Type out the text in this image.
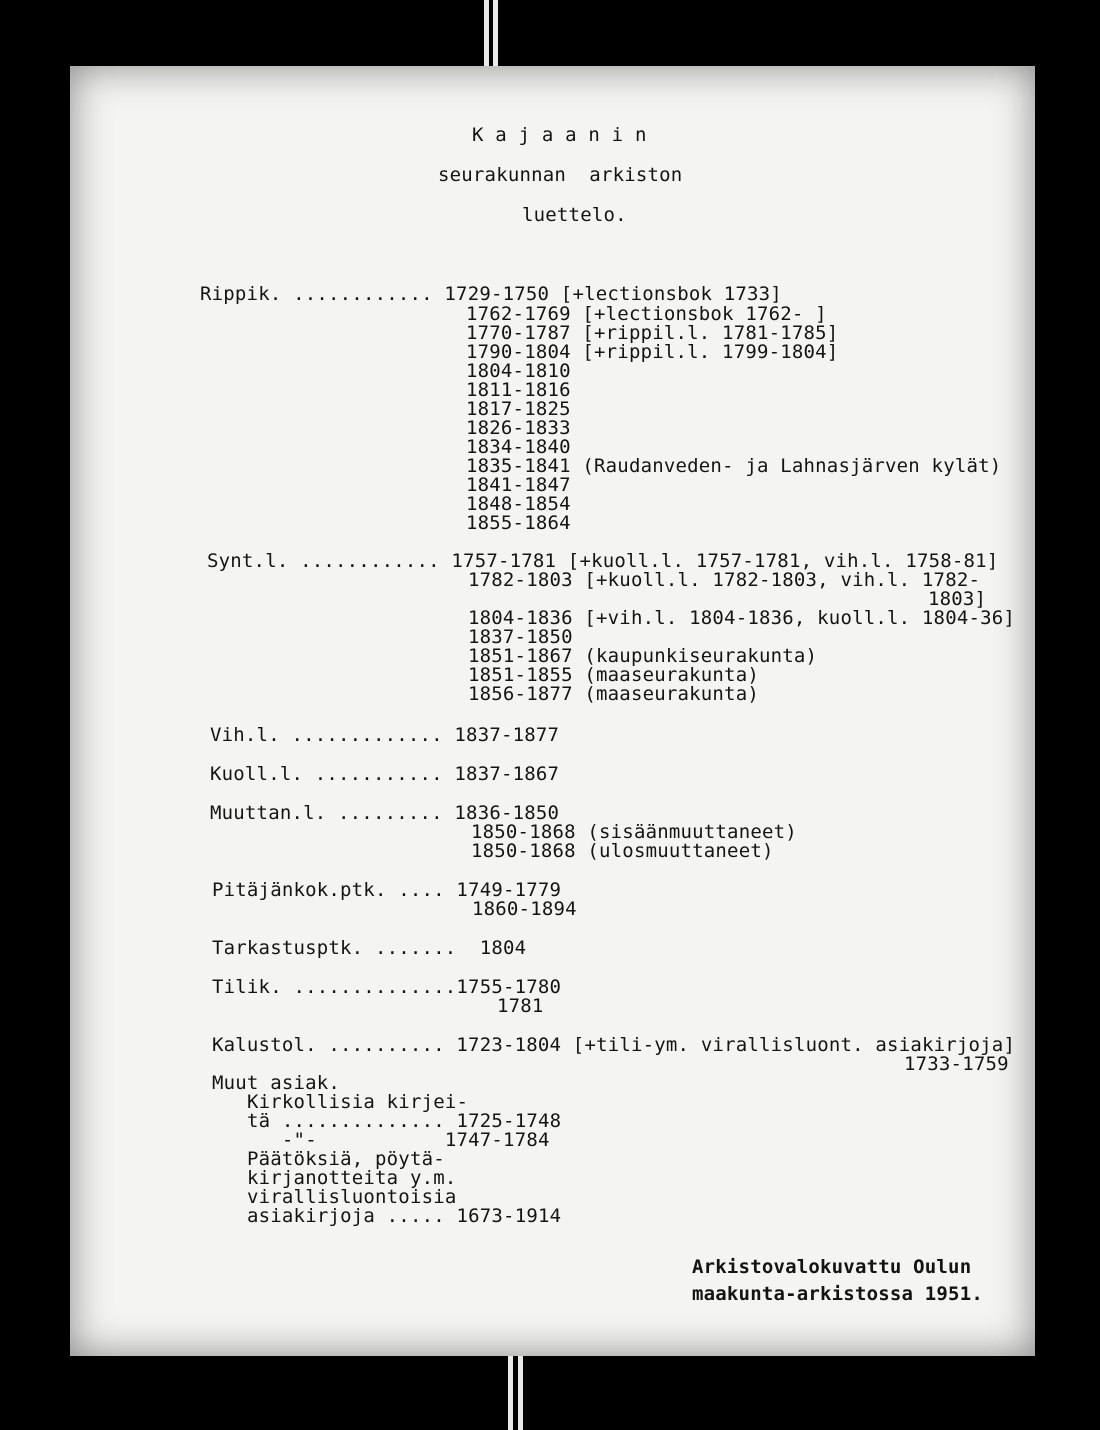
K a j a a n i n
seurakunnan  arkiston
luettelo.
Rippik. ............ 1729-1750 [+lectionsbok 1733]
1762-1769 [+lectionsbok 1762- ]
1770-1787 [+rippil.l. 1781-1785]
1790-1804 [+rippil.l. 1799-1804]
1804-1810
1811-1816
1817-1825
1826-1833
1834-1840
1835-1841 (Raudanveden- ja Lahnasjärven kylät)
1841-1847
1848-1854
1855-1864
Synt.l. ............ 1757-1781 [+kuoll.l. 1757-1781, vih.l. 1758-81]
1782-1803 [+kuoll.l. 1782-1803, vih.l. 1782-
1803]
1804-1836 [+vih.l. 1804-1836, kuoll.l. 1804-36]
1837-1850
1851-1867 (kaupunkiseurakunta)
1851-1855 (maaseurakunta)
1856-1877 (maaseurakunta)
Vih.l. ............. 1837-1877
Kuoll.l. ........... 1837-1867
Muuttan.l. ......... 1836-1850
1850-1868 (sisäänmuuttaneet)
1850-1868 (ulosmuuttaneet)
Pitäjänkok.ptk. .... 1749-1779
1860-1894
Tarkastusptk. .......  1804
Tilik. ..............1755-1780
1781
Kalustol. .......... 1723-1804 [+tili-ym. virallisluont. asiakirjoja]
1733-1759
Muut asiak.
Kirkollisia kirjei-
tä .............. 1725-1748
-"-           1747-1784
Päätöksiä, pöytä-
kirjanotteita y.m.
virallisluontoisia
asiakirjoja ..... 1673-1914
Arkistovalokuvattu Oulun
maakunta-arkistossa 1951.
